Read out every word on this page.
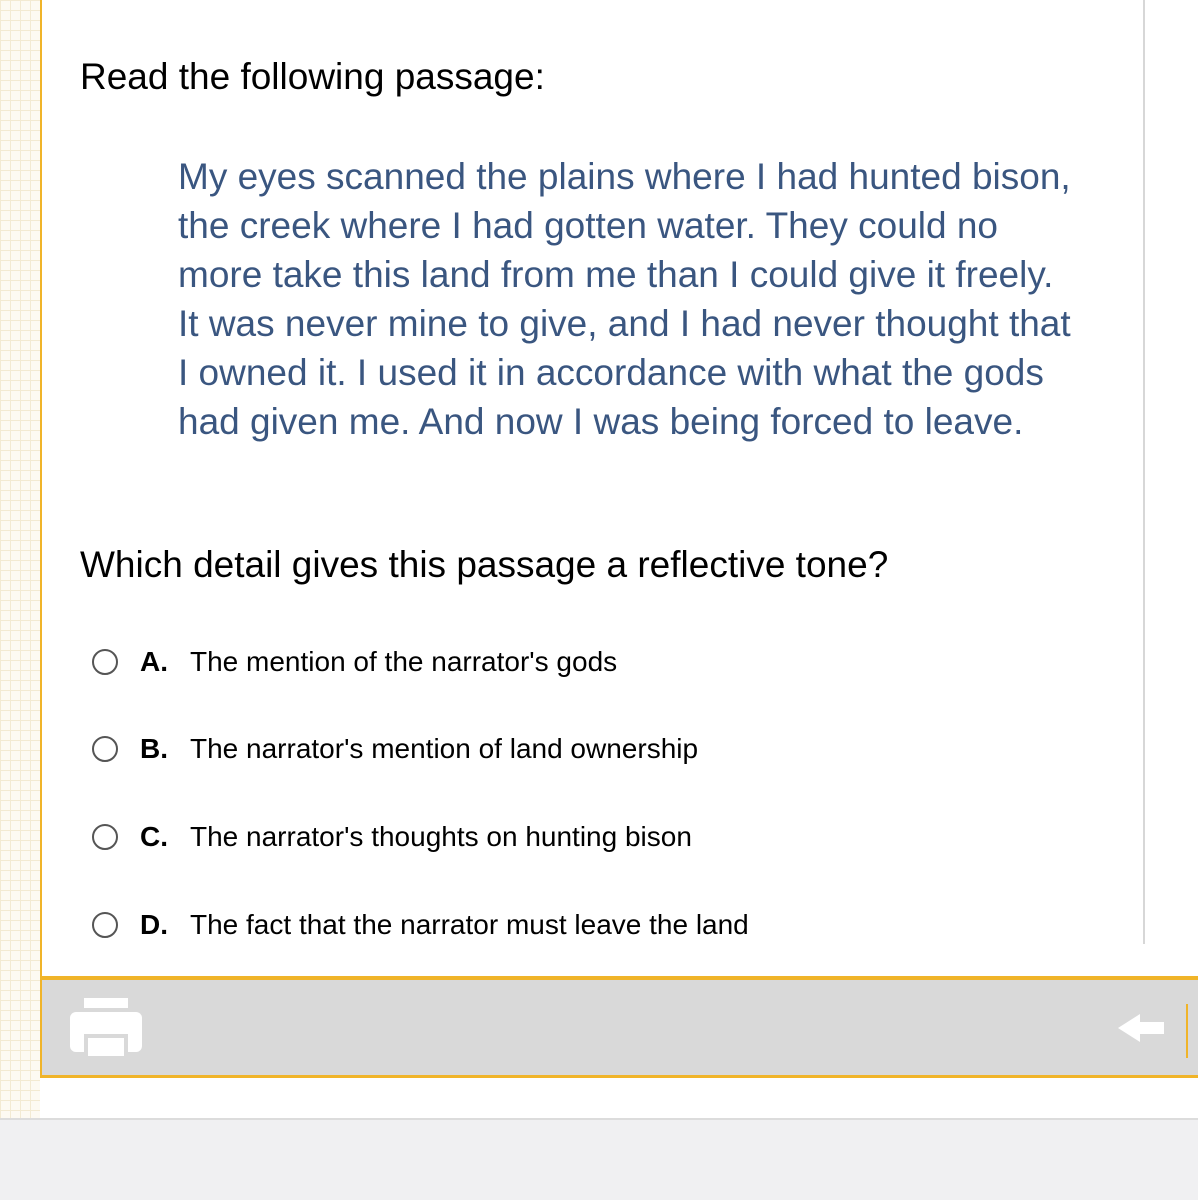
Read the following passage:

My eyes scanned the plains where I had hunted bison, the creek where I had gotten water. They could no more take this land from me than I could give it freely. It was never mine to give, and I had never thought that I owned it. I used it in accordance with what the gods had given me. And now I was being forced to leave.

Which detail gives this passage a reflective tone?
A. The mention of the narrator's gods
B. The narrator's mention of land ownership
C. The narrator's thoughts on hunting bison
D. The fact that the narrator must leave the land
